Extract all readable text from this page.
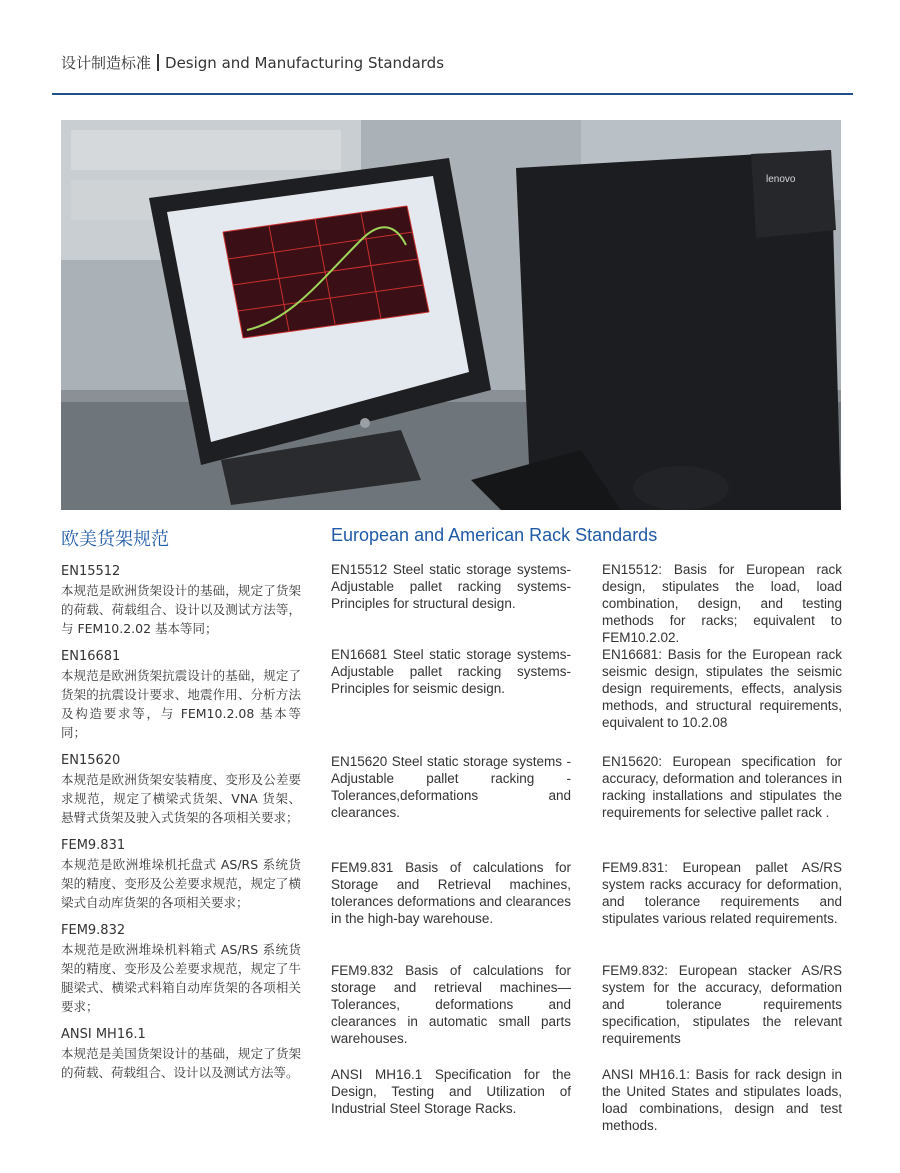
设计制造标准 Design and Manufacturing Standards
lenovo
欧美货架规范
EN15512
本规范是欧洲货架设计的基础，规定了货架的荷载、荷载组合、设计以及测试方法等，与 FEM10.2.02 基本等同；
EN16681
本规范是欧洲货架抗震设计的基础，规定了货架的抗震设计要求、地震作用、分析方法及构造要求等，与 FEM10.2.08 基本等同；
EN15620
本规范是欧洲货架安装精度、变形及公差要求规范，规定了横梁式货架、VNA 货架、悬臂式货架及驶入式货架的各项相关要求；
FEM9.831
本规范是欧洲堆垛机托盘式 AS/RS 系统货架的精度、变形及公差要求规范，规定了横梁式自动库货架的各项相关要求；
FEM9.832
本规范是欧洲堆垛机料箱式 AS/RS 系统货架的精度、变形及公差要求规范，规定了牛腿梁式、横梁式料箱自动库货架的各项相关要求；
ANSI MH16.1
本规范是美国货架设计的基础，规定了货架的荷载、荷载组合、设计以及测试方法等。
European and American Rack Standards
EN15512 Steel static storage systems-Adjustable pallet racking systems-Principles for structural design.
EN15512: Basis for European rack design, stipulates the load, load combination, design, and testing methods for racks; equivalent to FEM10.2.02.
EN16681 Steel static storage systems-Adjustable pallet racking systems-Principles for seismic design.
EN16681: Basis for the European rack seismic design, stipulates the seismic design requirements, effects, analysis methods, and structural requirements, equivalent to 10.2.08
EN15620 Steel static storage systems -Adjustable pallet racking -Tolerances,deformations and clearances.
EN15620: European specification for accuracy, deformation and tolerances in racking installations and stipulates the requirements for selective pallet rack .
FEM9.831 Basis of calculations for Storage and Retrieval machines, tolerances deformations and clearances in the high-bay warehouse.
FEM9.831: European pallet AS/RS system racks accuracy for deformation, and tolerance requirements and stipulates various related requirements.
FEM9.832 Basis of calculations for storage and retrieval machines—Tolerances, deformations and clearances in automatic small parts warehouses.
FEM9.832: European stacker AS/RS system for the accuracy, deformation and tolerance requirements specification, stipulates the relevant requirements
ANSI MH16.1 Specification for the Design, Testing and Utilization of Industrial Steel Storage Racks.
ANSI MH16.1: Basis for rack design in the United States and stipulates loads, load combinations, design and test methods.
